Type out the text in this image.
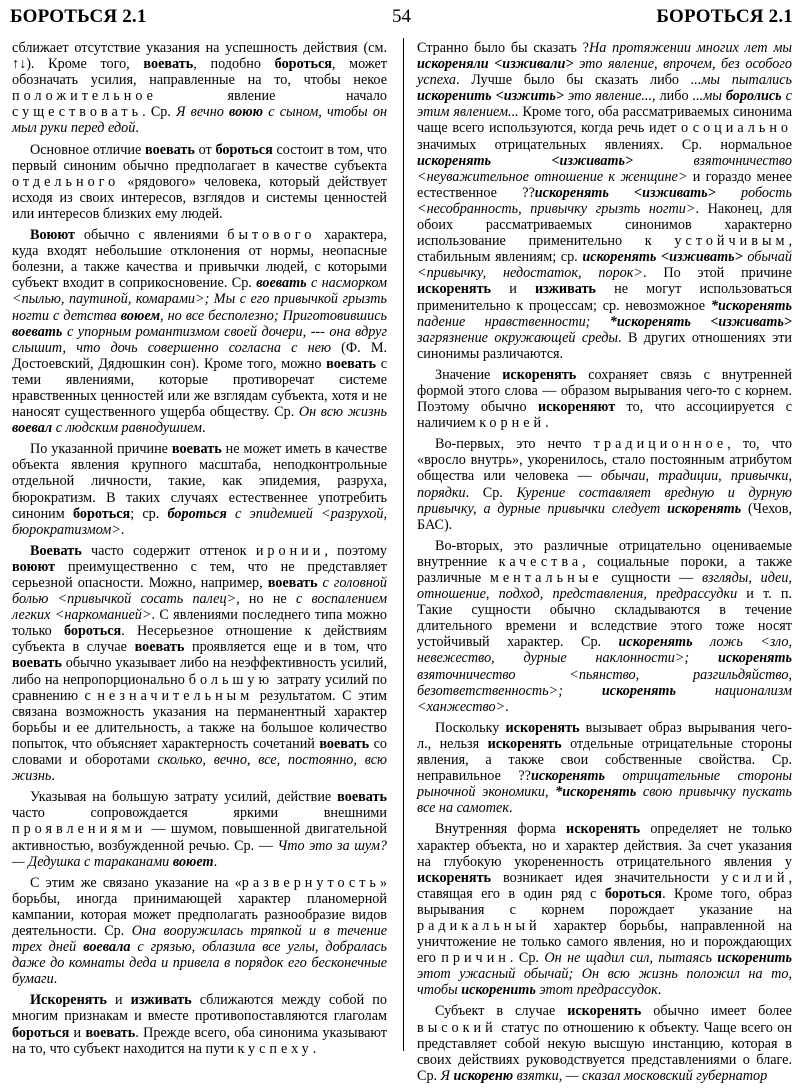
БОРОТЬСЯ 2.1	54	БОРОТЬСЯ 2.1

сближает отсутствие указания на успешность действия (см. ↑↓). Кроме того, воевать, подобно бороться, может обозначать усилия, направленные на то, чтобы некое положительное явление начало существовать. Ср. Я вечно воюю с сыном, чтобы он мыл руки перед едой.

Основное отличие воевать от бороться состоит в том, что первый синоним обычно предполагает в качестве субъекта отдельного «рядового» человека, который действует исходя из своих интересов, взглядов и системы ценностей или интересов близких ему людей.

Воюют обычно с явлениями бытового характера, куда входят небольшие отклонения от нормы, неопасные болезни, а также качества и привычки людей, с которыми субъект входит в соприкосновение. Ср. воевать с насморком <пылью, паутиной, комарами>; Мы с его привычкой грызть ногти с детства воюем, но все бесполезно; Приготовившись воевать с упорным романтизмом своей дочери, --- она вдруг слышит, что дочь совершенно согласна с нею (Ф. М. Достоевский, Дядюшкин сон). Кроме того, можно воевать с теми явлениями, которые противоречат системе нравственных ценностей или же взглядам субъекта, хотя и не наносят существенного ущерба обществу. Ср. Он всю жизнь воевал с людским равнодушием.

По указанной причине воевать не может иметь в качестве объекта явления крупного масштаба, неподконтрольные отдельной личности, такие, как эпидемия, разруха, бюрократизм. В таких случаях естественнее употребить синоним бороться; ср. бороться с эпидемией <разрухой, бюрократизмом>.

Воевать часто содержит оттенок иронии, поэтому воюют преимущественно с тем, что не представляет серьезной опасности. Можно, например, воевать с головной болью <привычкой сосать палец>, но не с воспалением легких <наркоманией>. С явлениями последнего типа можно только бороться. Несерьезное отношение к действиям субъекта в случае воевать проявляется еще и в том, что воевать обычно указывает либо на неэффективность усилий, либо на непропорционально большую затрату усилий по сравнению с незначительным результатом. С этим связана возможность указания на перманентный характер борьбы и ее длительность, а также на большое количество попыток, что объясняет характерность сочетаний воевать со словами и оборотами сколько, вечно, все, постоянно, всю жизнь.

Указывая на большую затрату усилий, действие воевать часто сопровождается яркими внешними проявлениями — шумом, повышенной двигательной активностью, возбужденной речью. Ср. — Что это за шум? — Дедушка с тараканами воюет.

С этим же связано указание на «развернутость» борьбы, иногда принимающей характер планомерной кампании, которая может предполагать разнообразие видов деятельности. Ср. Она вооружилась тряпкой и в течение трех дней воевала с грязью, облазила все углы, добралась даже до комнаты деда и привела в порядок его бесконечные бумаги.

Искоренять и изживать сближаются между собой по многим признакам и вместе противопоставляются глаголам бороться и воевать. Прежде всего, оба синонима указывают на то, что субъект находится на пути к успеху.

Странно было бы сказать ?На протяжении многих лет мы искореняли <изживали> это явление, впрочем, без особого успеха. Лучше было бы сказать либо ...мы пытались искоренить <изжить> это явление..., либо ...мы боролись с этим явлением... Кроме того, оба рассматриваемых синонима чаще всего используются, когда речь идет о социально значимых отрицательных явлениях. Ср. нормальное искоренять <изживать> взяточничество <неуважительное отношение к женщине> и гораздо менее естественное ??искоренять <изживать> робость <несобранность, привычку грызть ногти>. Наконец, для обоих рассматриваемых синонимов характерно использование применительно к устойчивым, стабильным явлениям; ср. искоренять <изживать> обычай <привычку, недостаток, порок>. По этой причине искоренять и изживать не могут использоваться применительно к процессам; ср. невозможное *искоренять падение нравственности; *искоренять <изживать> загрязнение окружающей среды. В других отношениях эти синонимы различаются.

Значение искоренять сохраняет связь с внутренней формой этого слова — образом вырывания чего-то с корнем. Поэтому обычно искореняют то, что ассоциируется с наличием корней.

Во-первых, это нечто традиционное, то, что «вросло внутрь», укоренилось, стало постоянным атрибутом общества или человека — обычаи, традиции, привычки, порядки. Ср. Курение составляет вредную и дурную привычку, а дурные привычки следует искоренять (Чехов, БАС).

Во-вторых, это различные отрицательно оцениваемые внутренние качества, социальные пороки, а также различные ментальные сущности — взгляды, идеи, отношение, подход, представления, предрассудки и т. п. Такие сущности обычно складываются в течение длительного времени и вследствие этого тоже носят устойчивый характер. Ср. искоренять ложь <зло, невежество, дурные наклонности>; искоренять взяточничество <пьянство, разгильдяйство, безответственность>; искоренять национализм <ханжество>.

Поскольку искоренять вызывает образ вырывания чего-л., нельзя искоренять отдельные отрицательные стороны явления, а также свои собственные свойства. Ср. неправильное ??искоренять отрицательные стороны рыночной экономики, *искоренять свою привычку пускать все на самотек.

Внутренняя форма искоренять определяет не только характер объекта, но и характер действия. За счет указания на глубокую укорененность отрицательного явления у искоренять возникает идея значительности усилий, ставящая его в один ряд с бороться. Кроме того, образ вырывания с корнем порождает указание на радикальный характер борьбы, направленной на уничтожение не только самого явления, но и порождающих его причин. Ср. Он не щадил сил, пытаясь искоренить этот ужасный обычай; Он всю жизнь положил на то, чтобы искоренить этот предрассудок.

Субъект в случае искоренять обычно имеет более высокий статус по отношению к объекту. Чаще всего он представляет собой некую высшую инстанцию, которая в своих действиях руководствуется представлениями о благе. Ср. Я искореню взятки, — сказал московский губернатор
